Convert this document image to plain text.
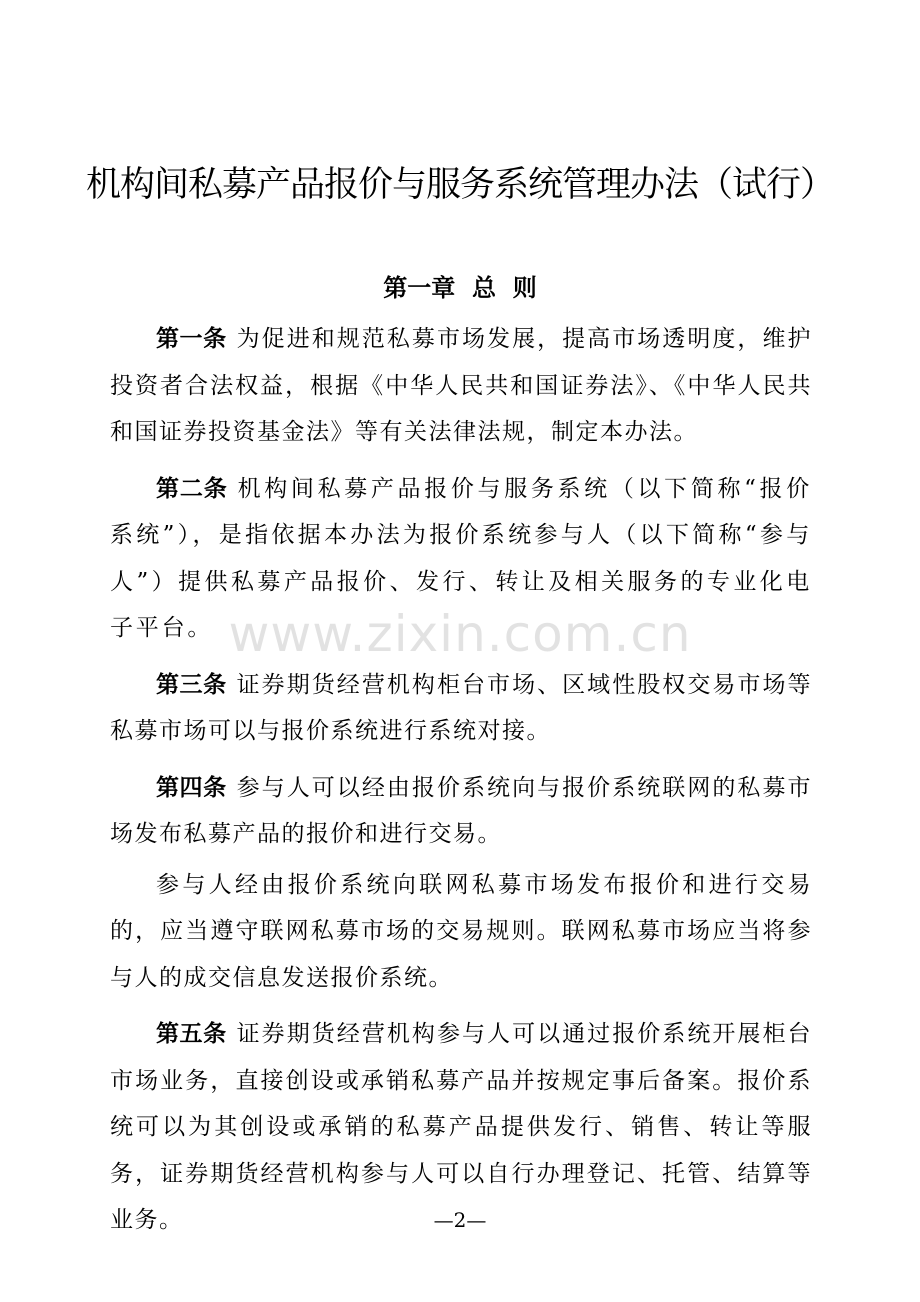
机构间私募产品报价与服务系统管理办法（试行）
第一章  总  则

第一条 为促进和规范私募市场发展，提高市场透明度，维护投资者合法权益，根据《中华人民共和国证券法》、《中华人民共和国证券投资基金法》等有关法律法规，制定本办法。

第二条 机构间私募产品报价与服务系统（以下简称“报价系统”），是指依据本办法为报价系统参与人（以下简称“参与人”）提供私募产品报价、发行、转让及相关服务的专业化电子平台。

第三条 证券期货经营机构柜台市场、区域性股权交易市场等私募市场可以与报价系统进行系统对接。

第四条 参与人可以经由报价系统向与报价系统联网的私募市场发布私募产品的报价和进行交易。

参与人经由报价系统向联网私募市场发布报价和进行交易的，应当遵守联网私募市场的交易规则。联网私募市场应当将参与人的成交信息发送报价系统。

第五条 证券期货经营机构参与人可以通过报价系统开展柜台市场业务，直接创设或承销私募产品并按规定事后备案。报价系统可以为其创设或承销的私募产品提供发行、销售、转让等服务，证券期货经营机构参与人可以自行办理登记、托管、结算等业务。

www.zixin.com.cn
—2—
